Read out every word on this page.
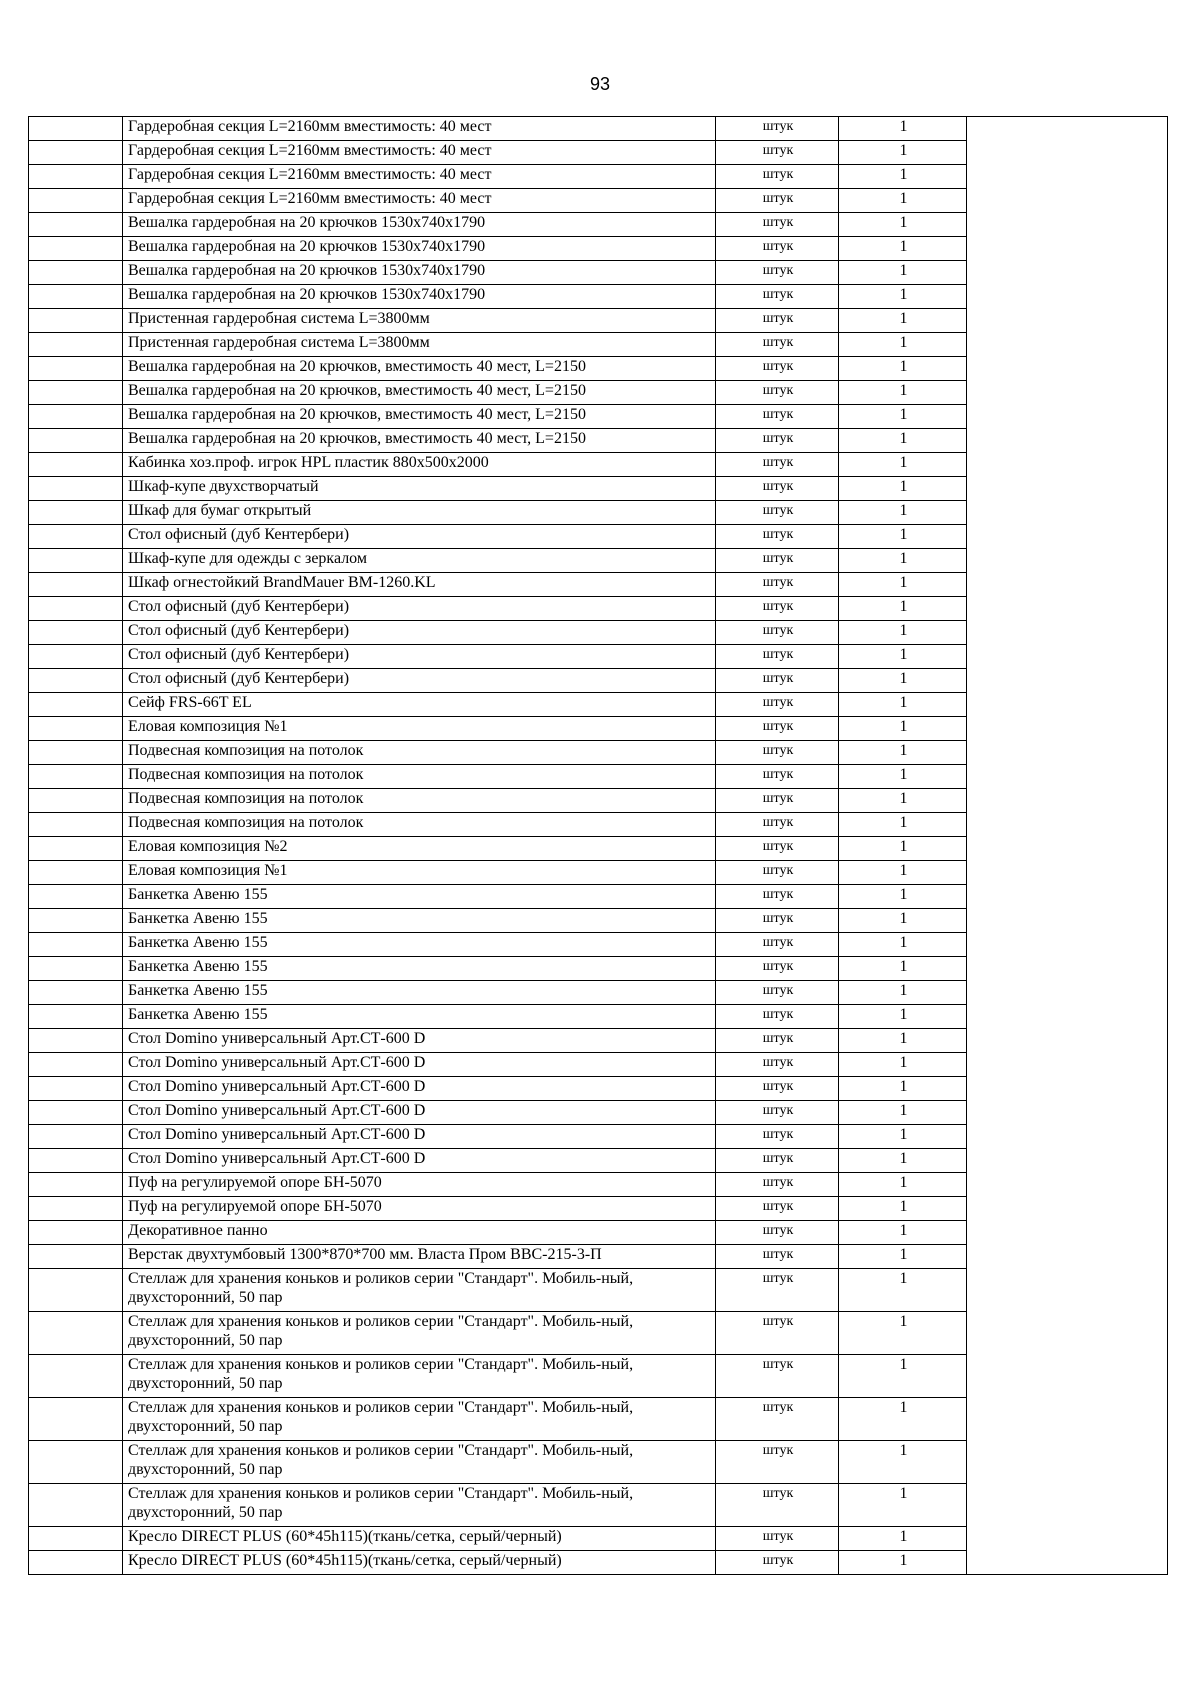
93
	Гардеробная секция L=2160мм вместимость: 40 мест	штук	1	
	Гардеробная секция L=2160мм вместимость: 40 мест	штук	1	
	Гардеробная секция L=2160мм вместимость: 40 мест	штук	1	
	Гардеробная секция L=2160мм вместимость: 40 мест	штук	1	
	Вешалка гардеробная на 20 крючков 1530х740х1790	штук	1	
	Вешалка гардеробная на 20 крючков 1530х740х1790	штук	1	
	Вешалка гардеробная на 20 крючков 1530х740х1790	штук	1	
	Вешалка гардеробная на 20 крючков 1530х740х1790	штук	1	
	Пристенная гардеробная система L=3800мм	штук	1	
	Пристенная гардеробная система L=3800мм	штук	1	
	Вешалка гардеробная на 20 крючков, вместимость 40 мест, L=2150	штук	1	
	Вешалка гардеробная на 20 крючков, вместимость 40 мест, L=2150	штук	1	
	Вешалка гардеробная на 20 крючков, вместимость 40 мест, L=2150	штук	1	
	Вешалка гардеробная на 20 крючков, вместимость 40 мест, L=2150	штук	1	
	Кабинка хоз.проф. игрок HPL пластик 880х500х2000	штук	1	
	Шкаф-купе двухстворчатый	штук	1	
	Шкаф для бумаг открытый	штук	1	
	Стол офисный (дуб Кентербери)	штук	1	
	Шкаф-купе для одежды с зеркалом	штук	1	
	Шкаф огнестойкий BrandMauer BM-1260.KL	штук	1	
	Стол офисный (дуб Кентербери)	штук	1	
	Стол офисный (дуб Кентербери)	штук	1	
	Стол офисный (дуб Кентербери)	штук	1	
	Стол офисный (дуб Кентербери)	штук	1	
	Сейф FRS-66T EL	штук	1	
	Еловая композиция №1	штук	1	
	Подвесная композиция на потолок	штук	1	
	Подвесная композиция на потолок	штук	1	
	Подвесная композиция на потолок	штук	1	
	Подвесная композиция на потолок	штук	1	
	Еловая композиция №2	штук	1	
	Еловая композиция №1	штук	1	
	Банкетка Авеню 155	штук	1	
	Банкетка Авеню 155	штук	1	
	Банкетка Авеню 155	штук	1	
	Банкетка Авеню 155	штук	1	
	Банкетка Авеню 155	штук	1	
	Банкетка Авеню 155	штук	1	
	Стол Domino универсальный Арт.СТ-600 D	штук	1	
	Стол Domino универсальный Арт.СТ-600 D	штук	1	
	Стол Domino универсальный Арт.СТ-600 D	штук	1	
	Стол Domino универсальный Арт.СТ-600 D	штук	1	
	Стол Domino универсальный Арт.СТ-600 D	штук	1	
	Стол Domino универсальный Арт.СТ-600 D	штук	1	
	Пуф на регулируемой опоре БН-5070	штук	1	
	Пуф на регулируемой опоре БН-5070	штук	1	
	Декоративное панно	штук	1	
	Верстак двухтумбовый 1300*870*700 мм. Власта Пром ВВС-215-3-П	штук	1	
	Стеллаж для хранения коньков и роликов серии "Стандарт". Мобиль-ный, двухсторонний, 50 пар	штук	1	
	Стеллаж для хранения коньков и роликов серии "Стандарт". Мобиль-ный, двухсторонний, 50 пар	штук	1	
	Стеллаж для хранения коньков и роликов серии "Стандарт". Мобиль-ный, двухсторонний, 50 пар	штук	1	
	Стеллаж для хранения коньков и роликов серии "Стандарт". Мобиль-ный, двухсторонний, 50 пар	штук	1	
	Стеллаж для хранения коньков и роликов серии "Стандарт". Мобиль-ный, двухсторонний, 50 пар	штук	1	
	Стеллаж для хранения коньков и роликов серии "Стандарт". Мобиль-ный, двухсторонний, 50 пар	штук	1	
	Кресло DIRECT PLUS (60*45h115)(ткань/сетка, серый/черный)	штук	1	
	Кресло DIRECT PLUS (60*45h115)(ткань/сетка, серый/черный)	штук	1	
